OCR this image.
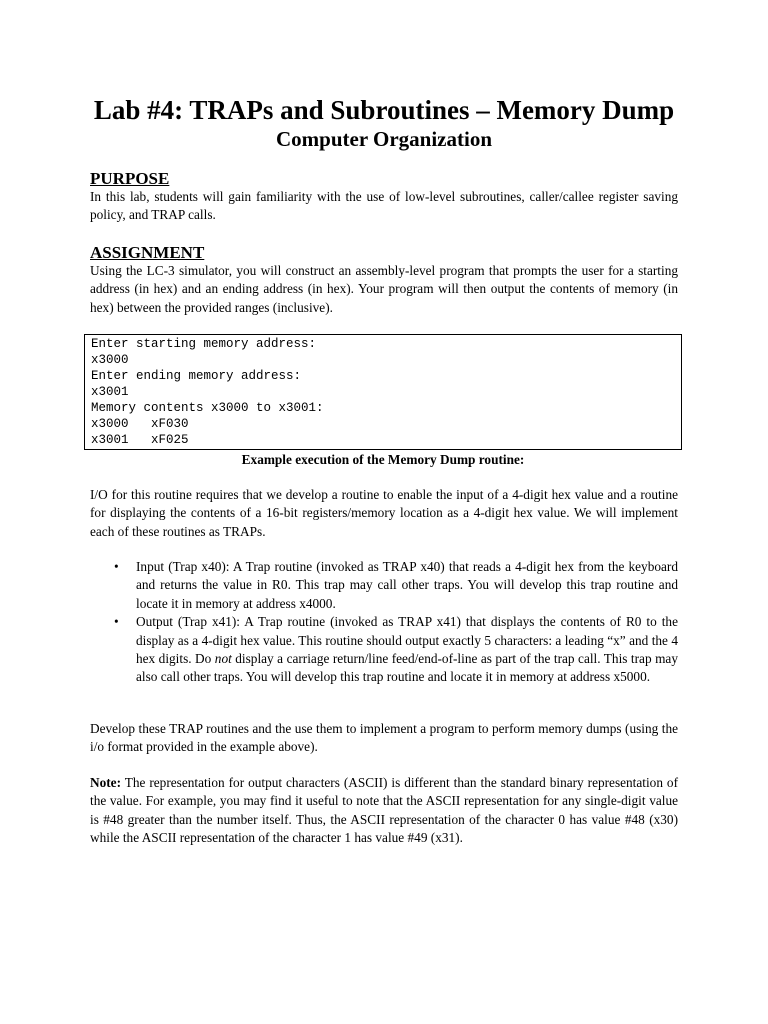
Lab #4: TRAPs and Subroutines – Memory Dump
Computer Organization
PURPOSE

In this lab, students will gain familiarity with the use of low-level subroutines, caller/callee register saving policy, and TRAP calls.

ASSIGNMENT

Using the LC-3 simulator, you will construct an assembly-level program that prompts the user for a starting address (in hex) and an ending address (in hex). Your program will then output the contents of memory (in hex) between the provided ranges (inclusive).

Enter starting memory address:
x3000
Enter ending memory address:
x3001
Memory contents x3000 to x3001:
x3000   xF030
x3001   xF025

Example execution of the Memory Dump routine:

I/O for this routine requires that we develop a routine to enable the input of a 4-digit hex value and a routine for displaying the contents of a 16-bit registers/memory location as a 4-digit hex value. We will implement each of these routines as TRAPs.

• Input (Trap x40): A Trap routine (invoked as TRAP x40) that reads a 4-digit hex from the keyboard and returns the value in R0. This trap may call other traps. You will develop this trap routine and locate it in memory at address x4000.
• Output (Trap x41): A Trap routine (invoked as TRAP x41) that displays the contents of R0 to the display as a 4-digit hex value. This routine should output exactly 5 characters: a leading “x” and the 4 hex digits. Do not display a carriage return/line feed/end-of-line as part of the trap call. This trap may also call other traps. You will develop this trap routine and locate it in memory at address x5000.

Develop these TRAP routines and the use them to implement a program to perform memory dumps (using the i/o format provided in the example above).

Note: The representation for output characters (ASCII) is different than the standard binary representation of the value. For example, you may find it useful to note that the ASCII representation for any single-digit value is #48 greater than the number itself. Thus, the ASCII representation of the character 0 has value #48 (x30) while the ASCII representation of the character 1 has value #49 (x31).
